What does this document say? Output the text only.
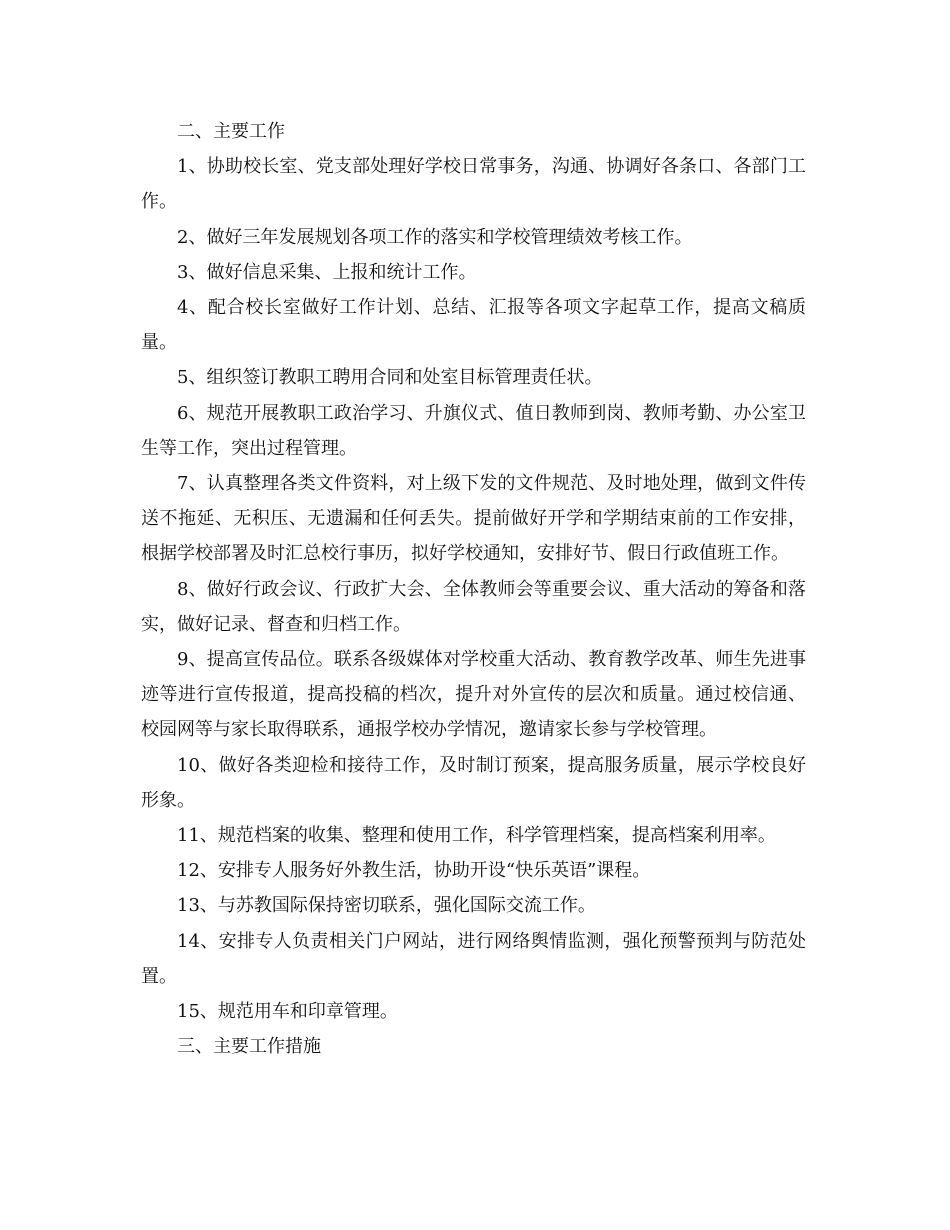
二、主要工作

1、协助校长室、党支部处理好学校日常事务，沟通、协调好各条口、各部门工作。

2、做好三年发展规划各项工作的落实和学校管理绩效考核工作。

3、做好信息采集、上报和统计工作。

4、配合校长室做好工作计划、总结、汇报等各项文字起草工作，提高文稿质量。

5、组织签订教职工聘用合同和处室目标管理责任状。

6、规范开展教职工政治学习、升旗仪式、值日教师到岗、教师考勤、办公室卫生等工作，突出过程管理。

7、认真整理各类文件资料，对上级下发的文件规范、及时地处理，做到文件传送不拖延、无积压、无遗漏和任何丢失。提前做好开学和学期结束前的工作安排，根据学校部署及时汇总校行事历，拟好学校通知，安排好节、假日行政值班工作。

8、做好行政会议、行政扩大会、全体教师会等重要会议、重大活动的筹备和落实，做好记录、督查和归档工作。

9、提高宣传品位。联系各级媒体对学校重大活动、教育教学改革、师生先进事迹等进行宣传报道，提高投稿的档次，提升对外宣传的层次和质量。通过校信通、校园网等与家长取得联系，通报学校办学情况，邀请家长参与学校管理。

10、做好各类迎检和接待工作，及时制订预案，提高服务质量，展示学校良好形象。

11、规范档案的收集、整理和使用工作，科学管理档案，提高档案利用率。

12、安排专人服务好外教生活，协助开设“快乐英语”课程。

13、与苏教国际保持密切联系，强化国际交流工作。

14、安排专人负责相关门户网站，进行网络舆情监测，强化预警预判与防范处置。

15、规范用车和印章管理。

三、主要工作措施
